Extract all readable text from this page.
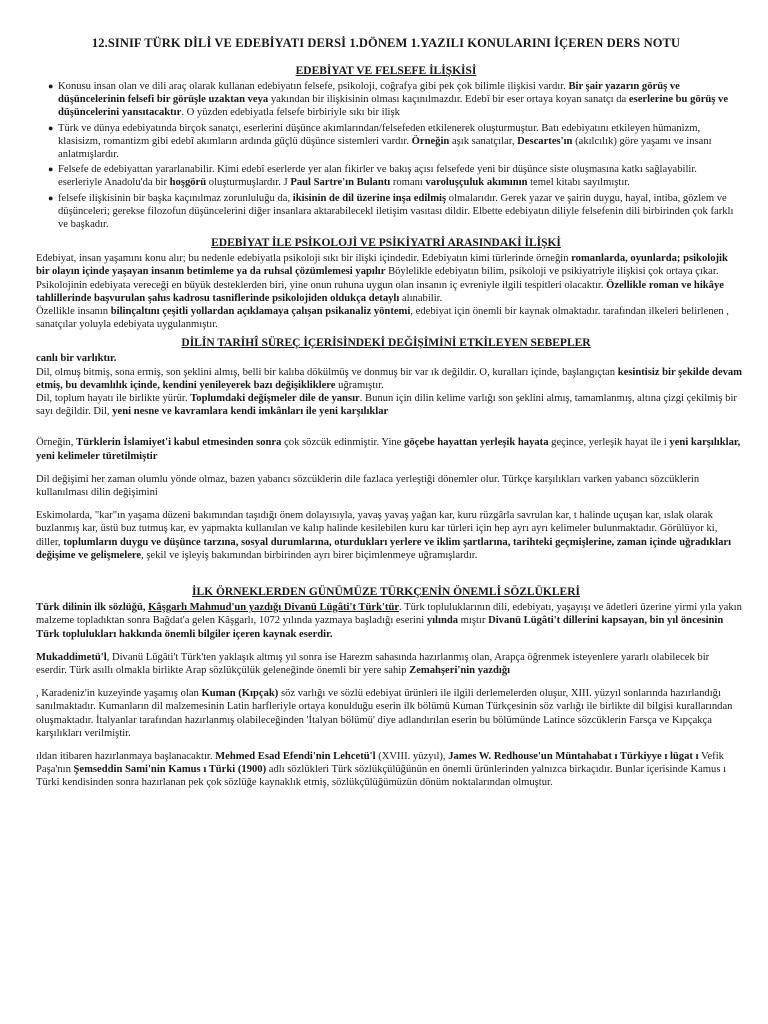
12.SINIF TÜRK DİLİ VE EDEBİYATI DERSİ 1.DÖNEM 1.YAZILI KONULARINI İÇEREN DERS NOTU
EDEBİYAT VE FELSEFE İLİŞKİSİ
● Konusu insan olan ve dili araç olarak kullanan edebiyatın felsefe, psikoloji, coğrafya gibi pek çok bilimle ilişkisi vardır. Bir şair yazarın görüş ve düşüncelerinin felsefi bir görüşle uzaktan veya yakından bir ilişkisinin olması kaçınılmazdır. Edebî bir eser ortaya koyan sanatçı da eserlerine bu görüş ve düşüncelerini yansıtacaktır. O yüzden edebiyatla felsefe birbiriyle sıkı bir ilişk
● Türk ve dünya edebiyatında birçok sanatçı, eserlerini düşünce akımlarından/felsefeden etkilenerek oluşturmuştur. Batı edebiyatını etkileyen hümanizm, klasisizm, romantizm gibi edebî akımların ardında güçlü düşünce sistemleri vardır. Örneğin aşık sanatçılar, Descartes'ın (akılcılık) göre yaşamı ve insanı anlatmışlardır.
● Felsefe de edebiyattan yararlanabilir. Kimi edebî eserlerde yer alan fikirler ve bakış açısı felsefede yeni bir düşünce siste oluşmasına katkı sağlayabilir. eserleriyle Anadolu'da bir hoşgörü oluşturmuşlardır. J Paul Sartre'ın Bulantı romanı varoluşçuluk akımının temel kitabı sayılmıştır.
● felsefe ilişkisinin bir başka kaçınılmaz zorunluluğu da, ikisinin de dil üzerine inşa edilmiş olmalarıdır. Gerek yazar ve şairin duygu, hayal, intiba, gözlem ve düşünceleri; gerekse filozofun düşüncelerini diğer insanlara aktarabilecekl iletişim vasıtası dildir. Elbette edebiyatın diliyle felsefenin dili birbirinden çok farklı ve başkadır.
EDEBİYAT İLE PSİKOLOJİ VE PSİKİYATRİ ARASINDAKİ İLİŞKİ

Edebiyat, insan yaşamını konu alır; bu nedenle edebiyatla psikoloji sıkı bir ilişki içindedir. Edebiyatın kimi türlerinde örneğin romanlarda, oyunlarda; psikolojik bir olayın içinde yaşayan insanın betimleme ya da ruhsal çözümlemesi yapılır Böylelikle edebiyatın bilim, psikoloji ve psikiyatriyle ilişkisi çok ortaya çıkar.

Psikolojinin edebiyata vereceği en büyük desteklerden biri, yine onun ruhuna uygun olan insanın iç evreniyle ilgili tespitleri olacaktır. Özellikle roman ve hikâye tahlillerinde başvurulan şahıs kadrosu tasniflerinde psikolojiden oldukça detaylı alınabilir.

Özellikle insanın bilinçaltını çeşitli yollardan açıklamaya çalışan psikanaliz yöntemi, edebiyat için önemli bir kaynak olmaktadır. tarafından ilkeleri belirlenen , sanatçılar yoluyla edebiyata uygulanmıştır.

DİLİN TARİHÎ SÜREÇ İÇERİSİNDEKİ DEĞİŞİMİNİ ETKİLEYEN SEBEPLER

canlı bir varlıktır.

Dil, olmuş bitmiş, sona ermiş, son şeklini almış, belli bir kalıba dökülmüş ve donmuş bir var ık değildir. O, kuralları içinde, başlangıçtan kesintisiz bir şekilde devam etmiş, bu devamlılık içinde, kendini yenileyerek bazı değişikliklere uğramıştır.

Dil, toplum hayatı ile birlikte yürür. Toplumdaki değişmeler dile de yansır. Bunun için dilin kelime varlığı son şeklini almış, tamamlanmış, altına çizgi çekilmiş bir sayı değildir. Dil, yeni nesne ve kavramlara kendi imkânları ile yeni karşılıklar

Örneğin, Türklerin İslamiyet'i kabul etmesinden sonra çok sözcük edinmiştir. Yine göçebe hayattan yerleşik hayata geçince, yerleşik hayat ile i yeni karşılıklar, yeni kelimeler türetilmiştir

Dil değişimi her zaman olumlu yönde olmaz, bazen yabancı sözcüklerin dile fazlaca yerleştiği dönemler olur. Türkçe karşılıkları varken yabancı sözcüklerin kullanılması dilin değişimini

Eskimolarda, "kar"ın yaşama düzeni bakımından taşıdığı önem dolayısıyla, yavaş yavaş yağan kar, kuru rüzgârla savrulan kar, t halinde uçuşan kar, ıslak olarak buzlanmış kar, üstü buz tutmuş kar, ev yapmakta kullanılan ve kalıp halinde kesilebilen kuru kar türleri için hep ayrı ayrı kelimeler bulunmaktadır. Görülüyor ki, diller, toplumların duygu ve düşünce tarzına, sosyal durumlarına, oturdukları yerlere ve iklim şartlarına, tarihteki geçmişlerine, zaman içinde uğradıkları değişime ve gelişmelere, şekil ve işleyiş bakımından birbirinden ayrı birer biçimlenmeye uğramışlardır.

İLK ÖRNEKLERDEN GÜNÜMÜZE TÜRKÇENİN ÖNEMLİ SÖZLÜKLERİ

Türk dilinin ilk sözlüğü, Kâşgarlı Mahmud'un yazdığı Divanü Lügâti't Türk'tür. Türk topluluklarının dili, edebiyatı, yaşayışı ve âdetleri üzerine yirmi yıla yakın malzeme topladıktan sonra Bağdat'a gelen Kâşgarlı, 1072 yılında yazmaya başladığı eserini yılında mıştır Divanü Lügâti't dillerini kapsayan, bin yıl öncesinin Türk toplulukları hakkında önemli bilgiler içeren kaynak eserdir.

Mukaddimetü'l, Divanü Lügâti't Türk'ten yaklaşık altmış yıl sonra ise Harezm sahasında hazırlanmış olan, Arapça öğrenmek isteyenlere yararlı olabilecek bir eserdir. Türk asıllı olmakla birlikte Arap sözlükçülük geleneğinde önemli bir yere sahip Zemahşeri'nin yazdığı

, Karadeniz'in kuzeyinde yaşamış olan Kuman (Kıpçak) söz varlığı ve sözlü edebiyat ürünleri ile ilgili derlemelerden oluşur, XIII. yüzyıl sonlarında hazırlandığı sanılmaktadır. Kumanların dil malzemesinin Latin harfleriyle ortaya konulduğu eserin ilk bölümü Kuman Türkçesinin söz varlığı ile birlikte dil bilgisi kurallarından oluşmaktadır. İtalyanlar tarafından hazırlanmış olabileceğinden 'İtalyan bölümü' diye adlandırılan eserin bu bölümünde Latince sözcüklerin Farsça ve Kıpçakça karşılıkları verilmiştir.

ıldan itibaren hazırlanmaya başlanacaktır. Mehmed Esad Efendi'nin Lehcetü'l (XVIII. yüzyıl), James W. Redhouse'un Müntahabat ı Türkiyye ı lügat ı Vefik Paşa'nın Şemseddin Sami'nin Kamus ı Türki (1900) adlı sözlükleri Türk sözlükçülüğünün en önemli ürünlerinden yalnızca birkaçıdır. Bunlar içerisinde Kamus ı Türki kendisinden sonra hazırlanan pek çok sözlüğe kaynaklık etmiş, sözlükçülüğümüzün dönüm noktalarından olmuştur.
